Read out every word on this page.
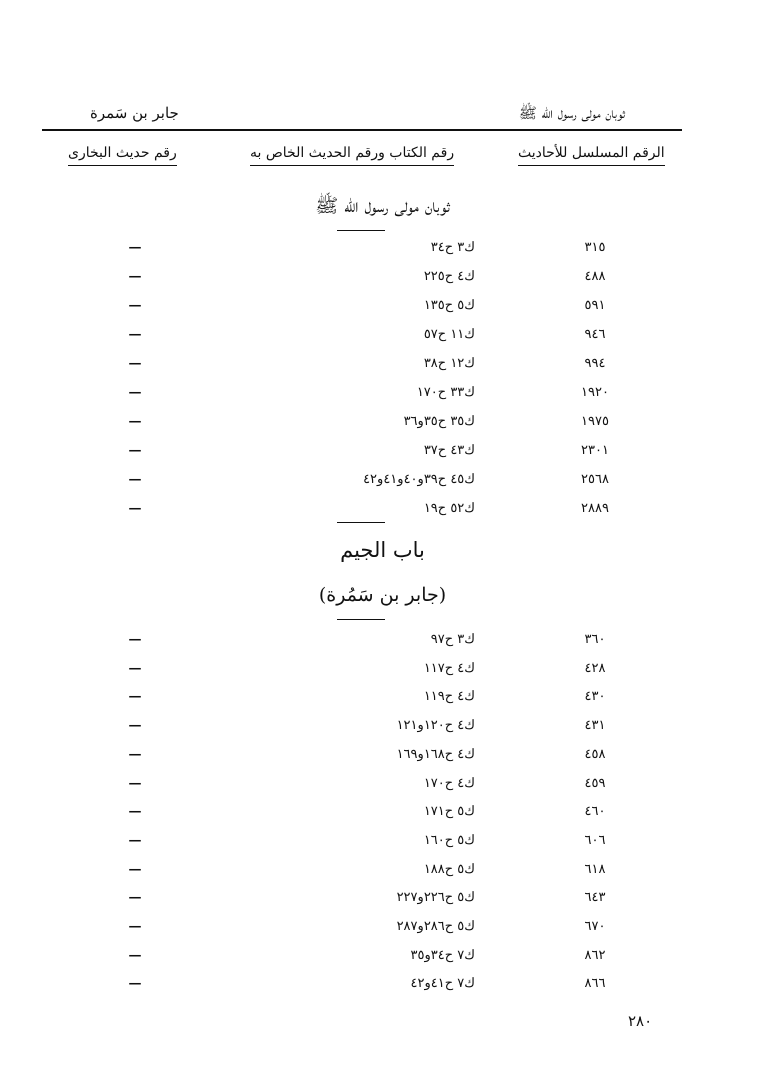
جابر بن سَمرة	ثوبان مولى رسول الله ﷺ
الرقم المسلسل للأحاديث
رقم الكتاب ورقم الحديث الخاص به
رقم حديث البخارى
ثوبان مولى رسول الله ﷺ
٣١٥
ك٣ ح٣٤
—
٤٨٨
ك٤ ح٢٢٥
—
٥٩١
ك٥ ح١٣٥
—
٩٤٦
ك١١ ح٥٧
—
٩٩٤
ك١٢ ح٣٨
—
١٩٢٠
ك٣٣ ح١٧٠
—
١٩٧٥
ك٣٥ ح٣٥و٣٦
—
٢٣٠١
ك٤٣ ح٣٧
—
٢٥٦٨
ك٤٥ ح٣٩و٤٠و٤١و٤٢
—
٢٨٨٩
ك٥٢ ح١٩
—
باب الجيم
(جابر بن سَمُرة)
٣٦٠
ك٣ ح٩٧
—
٤٢٨
ك٤ ح١١٧
—
٤٣٠
ك٤ ح١١٩
—
٤٣١
ك٤ ح١٢٠و١٢١
—
٤٥٨
ك٤ ح١٦٨و١٦٩
—
٤٥٩
ك٤ ح١٧٠
—
٤٦٠
ك٥ ح١٧١
—
٦٠٦
ك٥ ح١٦٠
—
٦١٨
ك٥ ح١٨٨
—
٦٤٣
ك٥ ح٢٢٦و٢٢٧
—
٦٧٠
ك٥ ح٢٨٦و٢٨٧
—
٨٦٢
ك٧ ح٣٤و٣٥
—
٨٦٦
ك٧ ح٤١و٤٢
—
٢٨٠
